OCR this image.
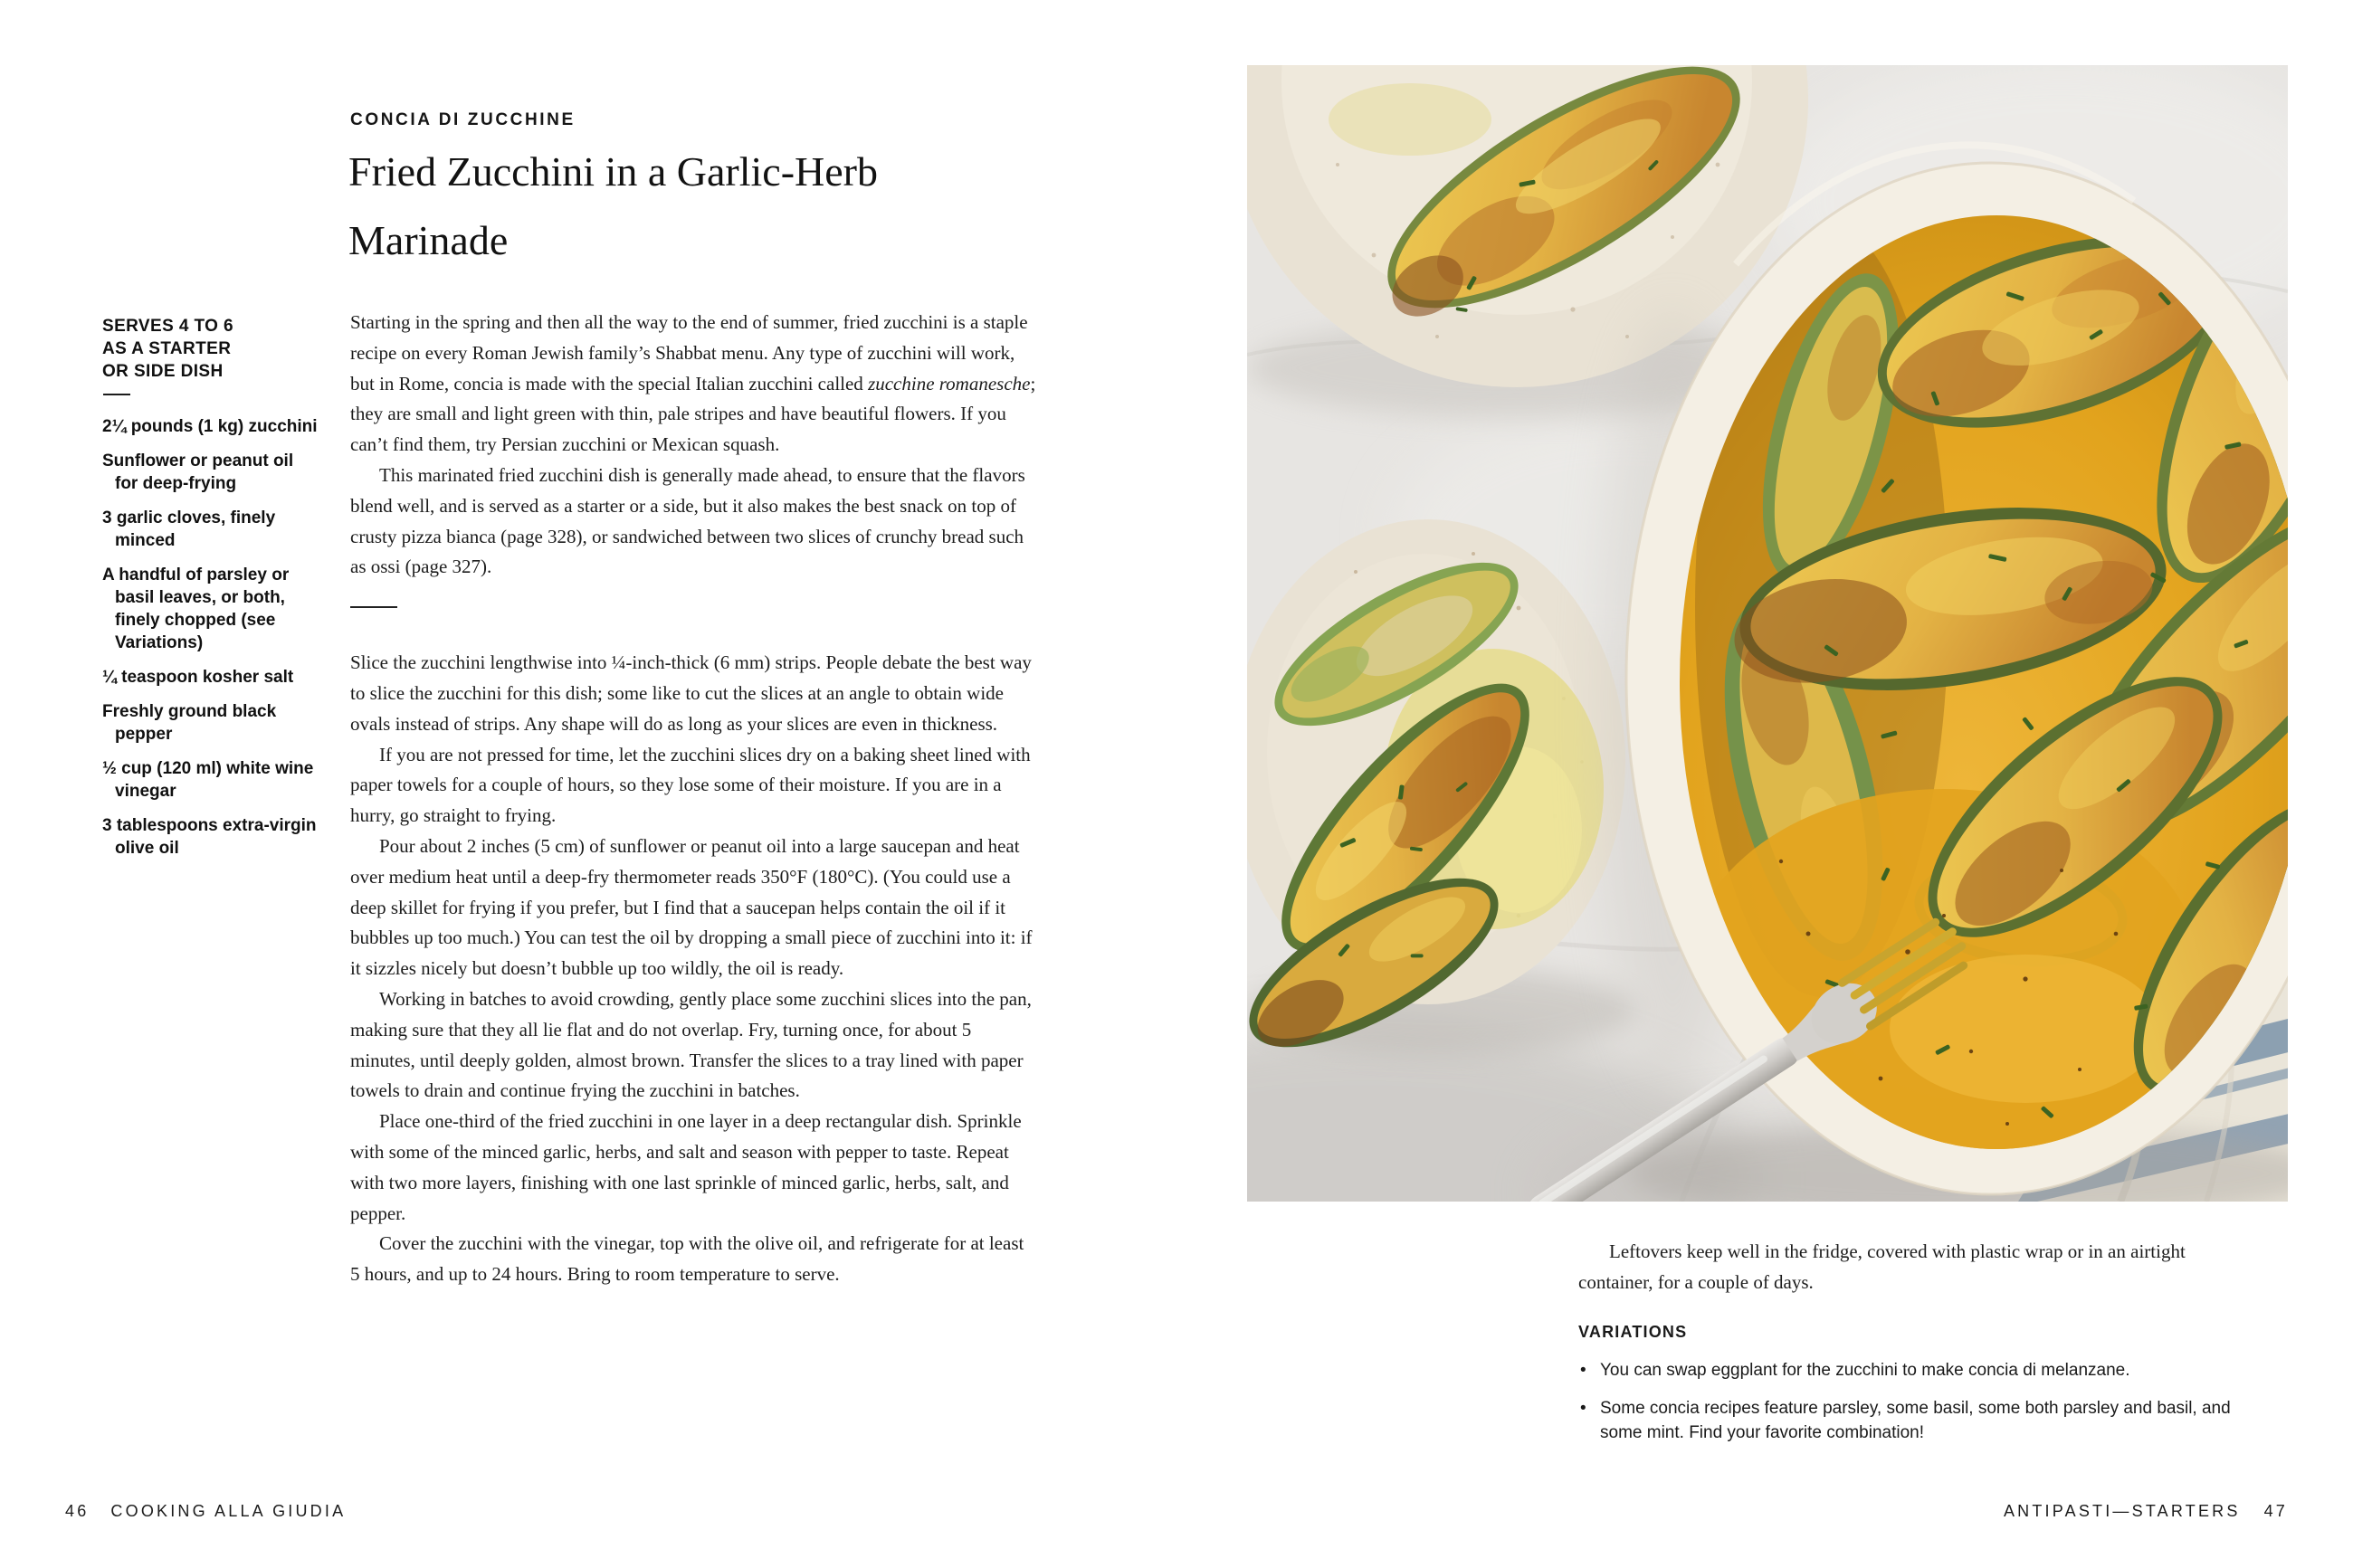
CONCIA DI ZUCCHINE
Fried Zucchini in a Garlic-Herb
Marinade
SERVES 4 TO 6
AS A STARTER
OR SIDE DISH
2¼ pounds (1 kg) zucchini
Sunflower or peanut oil for deep-frying
3 garlic cloves, finely minced
A handful of parsley or basil leaves, or both, finely chopped (see Variations)
¼ teaspoon kosher salt
Freshly ground black pepper
½ cup (120 ml) white wine vinegar
3 tablespoons extra-virgin olive oil

Starting in the spring and then all the way to the end of summer, fried zucchini is a staple recipe on every Roman Jewish family’s Shabbat menu. Any type of zucchini will work, but in Rome, concia is made with the special Italian zucchini called zucchine romanesche; they are small and light green with thin, pale stripes and have beautiful flowers. If you can’t find them, try Persian zucchini or Mexican squash.

This marinated fried zucchini dish is generally made ahead, to ensure that the flavors blend well, and is served as a starter or a side, but it also makes the best snack on top of crusty pizza bianca (page 328), or sandwiched between two slices of crunchy bread such as ossi (page 327).

Slice the zucchini lengthwise into ¼-inch-thick (6 mm) strips. People debate the best way to slice the zucchini for this dish; some like to cut the slices at an angle to obtain wide ovals instead of strips. Any shape will do as long as your slices are even in thickness.

If you are not pressed for time, let the zucchini slices dry on a baking sheet lined with paper towels for a couple of hours, so they lose some of their moisture. If you are in a hurry, go straight to frying.

Pour about 2 inches (5 cm) of sunflower or peanut oil into a large saucepan and heat over medium heat until a deep-fry thermometer reads 350°F (180°C). (You could use a deep skillet for frying if you prefer, but I find that a saucepan helps contain the oil if it bubbles up too much.) You can test the oil by dropping a small piece of zucchini into it: if it sizzles nicely but doesn’t bubble up too wildly, the oil is ready.

Working in batches to avoid crowding, gently place some zucchini slices into the pan, making sure that they all lie flat and do not overlap. Fry, turning once, for about 5 minutes, until deeply golden, almost brown. Transfer the slices to a tray lined with paper towels to drain and continue frying the zucchini in batches.

Place one-third of the fried zucchini in one layer in a deep rectangular dish. Sprinkle with some of the minced garlic, herbs, and salt and season with pepper to taste. Repeat with two more layers, finishing with one last sprinkle of minced garlic, herbs, salt, and pepper.

Cover the zucchini with the vinegar, top with the olive oil, and refrigerate for at least 5 hours, and up to 24 hours. Bring to room temperature to serve.

46 COOKING ALLA GIUDIA

Leftovers keep well in the fridge, covered with plastic wrap or in an airtight container, for a couple of days.

VARIATIONS

• You can swap eggplant for the zucchini to make concia di melanzane.
• Some concia recipes feature parsley, some basil, some both parsley and basil, and some mint. Find your favorite combination!
ANTIPASTI—STARTERS 47
